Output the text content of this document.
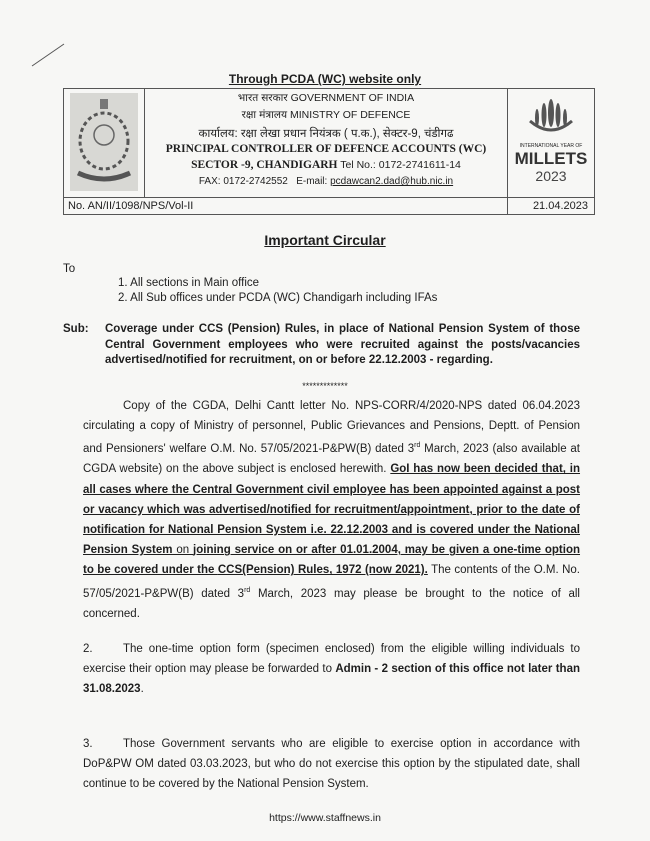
Through PCDA (WC) website only
भारत सरकार GOVERNMENT OF INDIA
रक्षा मंत्रालय MINISTRY OF DEFENCE
कार्यालय: रक्षा लेखा प्रधान नियंत्रक ( प.क.), सेक्टर-9, चंडीगढ
PRINCIPAL CONTROLLER OF DEFENCE ACCOUNTS (WC)
SECTOR -9, CHANDIGARH Tel No.: 0172-2741611-14
FAX: 0172-2742552 E-mail: pcdawcan2.dad@hub.nic.in
INTERNATIONAL YEAR OF
MILLETS
2023
No. AN/II/1098/NPS/Vol-II	21.04.2023
Important Circular
To
1. All sections in Main office
2. All Sub offices under PCDA (WC) Chandigarh including IFAs
Sub:	Coverage under CCS (Pension) Rules, in place of National Pension System of those Central Government employees who were recruited against the posts/vacancies advertised/notified for recruitment, on or before 22.12.2003 - regarding.
*************
Copy of the CGDA, Delhi Cantt letter No. NPS-CORR/4/2020-NPS dated 06.04.2023 circulating a copy of Ministry of personnel, Public Grievances and Pensions, Deptt. of Pension and Pensioners' welfare O.M. No. 57/05/2021-P&PW(B) dated 3rd March, 2023 (also available at CGDA website) on the above subject is enclosed herewith. GoI has now been decided that, in all cases where the Central Government civil employee has been appointed against a post or vacancy which was advertised/notified for recruitment/appointment, prior to the date of notification for National Pension System i.e. 22.12.2003 and is covered under the National Pension System on joining service on or after 01.01.2004, may be given a one-time option to be covered under the CCS(Pension) Rules, 1972 (now 2021). The contents of the O.M. No. 57/05/2021-P&PW(B) dated 3rd March, 2023 may please be brought to the notice of all concerned.
2.	The one-time option form (specimen enclosed) from the eligible willing individuals to exercise their option may please be forwarded to Admin - 2 section of this office not later than 31.08.2023.
3.	Those Government servants who are eligible to exercise option in accordance with DoP&PW OM dated 03.03.2023, but who do not exercise this option by the stipulated date, shall continue to be covered by the National Pension System.
https://www.staffnews.in
